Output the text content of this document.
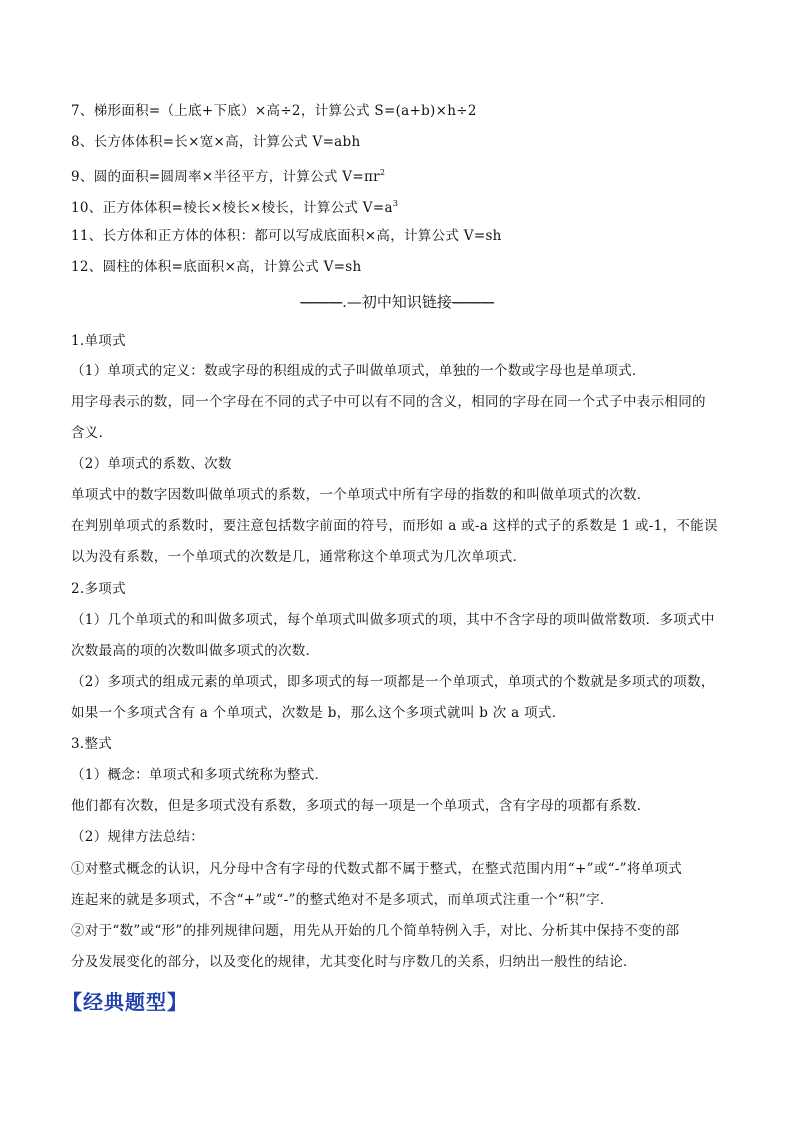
7、梯形面积=（上底+下底）×高÷2，计算公式 S=(a+b)×h÷2
8、长方体体积=长×宽×高，计算公式 V=abh
9、圆的面积=圆周率×半径平方，计算公式 $V=\pi r^2$
10、正方体体积=棱长×棱长×棱长，计算公式 $V=a^3$
11、长方体和正方体的体积：都可以写成底面积×高，计算公式 V=sh
12、圆柱的体积=底面积×高，计算公式 V=sh
———.—初中知识链接———
1.单项式
（1）单项式的定义：数或字母的积组成的式子叫做单项式，单独的一个数或字母也是单项式．
用字母表示的数，同一个字母在不同的式子中可以有不同的含义，相同的字母在同一个式子中表示相同的
含义．
（2）单项式的系数、次数
单项式中的数字因数叫做单项式的系数，一个单项式中所有字母的指数的和叫做单项式的次数．
在判别单项式的系数时，要注意包括数字前面的符号，而形如 a 或-a 这样的式子的系数是 1 或-1，不能误
以为没有系数，一个单项式的次数是几，通常称这个单项式为几次单项式．
2.多项式
（1）几个单项式的和叫做多项式，每个单项式叫做多项式的项，其中不含字母的项叫做常数项．多项式中
次数最高的项的次数叫做多项式的次数．
（2）多项式的组成元素的单项式，即多项式的每一项都是一个单项式，单项式的个数就是多项式的项数，
如果一个多项式含有 a 个单项式，次数是 b，那么这个多项式就叫 b 次 a 项式．
3.整式
（1）概念：单项式和多项式统称为整式．
他们都有次数，但是多项式没有系数，多项式的每一项是一个单项式，含有字母的项都有系数．
（2）规律方法总结：
①对整式概念的认识，凡分母中含有字母的代数式都不属于整式，在整式范围内用“+”或“-”将单项式
连起来的就是多项式，不含“+”或“-”的整式绝对不是多项式，而单项式注重一个“积”字．
②对于“数”或“形”的排列规律问题，用先从开始的几个简单特例入手，对比、分析其中保持不变的部
分及发展变化的部分，以及变化的规律，尤其变化时与序数几的关系，归纳出一般性的结论．
【经典题型】
